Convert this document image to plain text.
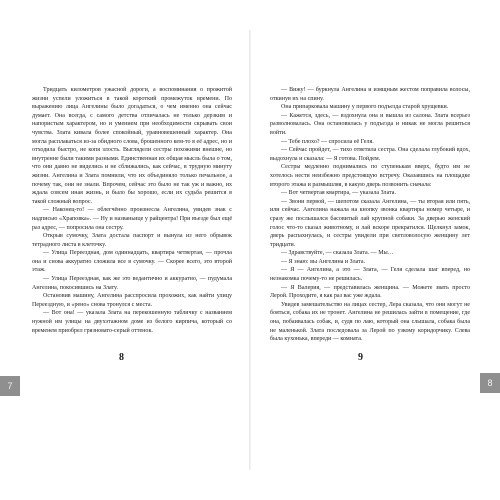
7	8

Тридцать километров ужасной дороги, а воспоминания о прожитой жизни успели уложиться в такой короткий промежуток времени. По выражению лица Ангелины было догадаться, о чем именно она сейчас думает. Она всегда, с самого детства отличалась не только дерзким и напористым характером, но и умением при необходимости скрывать свои чувства. Злата кивала более спокойный, уравновешенный характер. Она могла расплакаться из-за обидного слова, брошенного кем-то в её адрес, но и отходила быстро, не копя злость. Выглядели сестры похожими внешне, но внутренне были такими разными. Единственная их общая мысль была о том, что они давно не виделись и не сближались, как сейчас, в трудную минуту жизни. Ангелина и Злата помнили, что их объединяло только печальное, а почему так, они не знали. Впрочем, сейчас это было не так уж и важно, их ждала совсем иная жизнь, и было бы хорошо, если их судьба решится в такой сложный вопрос.

— Наконец-то! — облегчённо произнесла Ангелина, увидев знак с надписью «Храповка». — Ну и названьице у райцентра! При въезде был ещё раз адрес, — попросила она сестру.

Открыв сумочку, Злата достала паспорт и вынула из него обрывок тетрадного листа в клеточку.

— Улица Переездная, дом одиннадцать, квартира четвертая, — прочла она и снова аккуратно сложила все в сумочку. — Скорее всего, это второй этаж.

— Улица Переездная, как же это ведантично и аккуратно, — пудумала Ангелина, покосившись на Злату.

Остановив машину, Ангелина расспросила прохожих, как найти улицу Переездную, и «рено» снова тронулся с места.

— Вот она! — указала Злата на перекошенную табличку с названием нужной им улицы на двухэтажном доме из белого кирпича, который со временем приобрел грязновато-серый оттенок.

8

— Вижу! — буркнула Ангелина и изящным жестом поправила волосы, откинув их на спину.

Она припарковала машину у первого подъезда старой хрущевки.

— Кажется, здесь, — вздохнула она и вышла из салона. Злата всерьез разволновалась. Она остановилась у подъезда и никак не могла решиться войти.

— Тебе плохо? — спросила её Геля.

— Сейчас пройдет, — тихо ответила сестра. Она сделала глубокий вдох, выдохнула и сказала: — Я готова. Пойдем.

Сестры медленно поднимались по ступенькам вверх, будто им не хотелось нести неизбежно предстоящую встречу. Оказавшись на площадке второго этажа и размышляя, в какую дверь позвонить сначала:

— Вот четвертая квартира, — указала Злата.

— Звони первой, — шепотом сказала Ангелина, — ты вторая или пять, или сейчас. Ангелина нажала на кнопку звонка квартиры номер четыре, и сразу же послышался басовитый лай крупной собаки. За дверью женский голос что-то сказал животному, и лай вскоре прекратился. Щелкнул замок, дверь распахнулась, и сестры увидели при светловолосую женщину лет тридцати.

— Здравствуйте, — сказала Злата. — Мы…

— Я знаю: вы Ангелина и Злата.

— Я — Ангелина, а это — Злата, — Геля сделала шаг вперед, но незнакомка почему-то не решилась.

— Я Валерия, — представилась женщина. — Можете звать просто Лерой. Проходите, я как раз вас уже ждала.

Увидев замешательство на лицах сестер, Лера сказала, что они могут не бояться, собака их не тронет. Ангелина не решилась зайти в помещение, где она, побаивалась собак, и, судя по лаю, который она слышала, собака была не маленькой. Злата последовала за Лерой по узкому коридорчику. Слева была кухонька, впереди — комната.

9
